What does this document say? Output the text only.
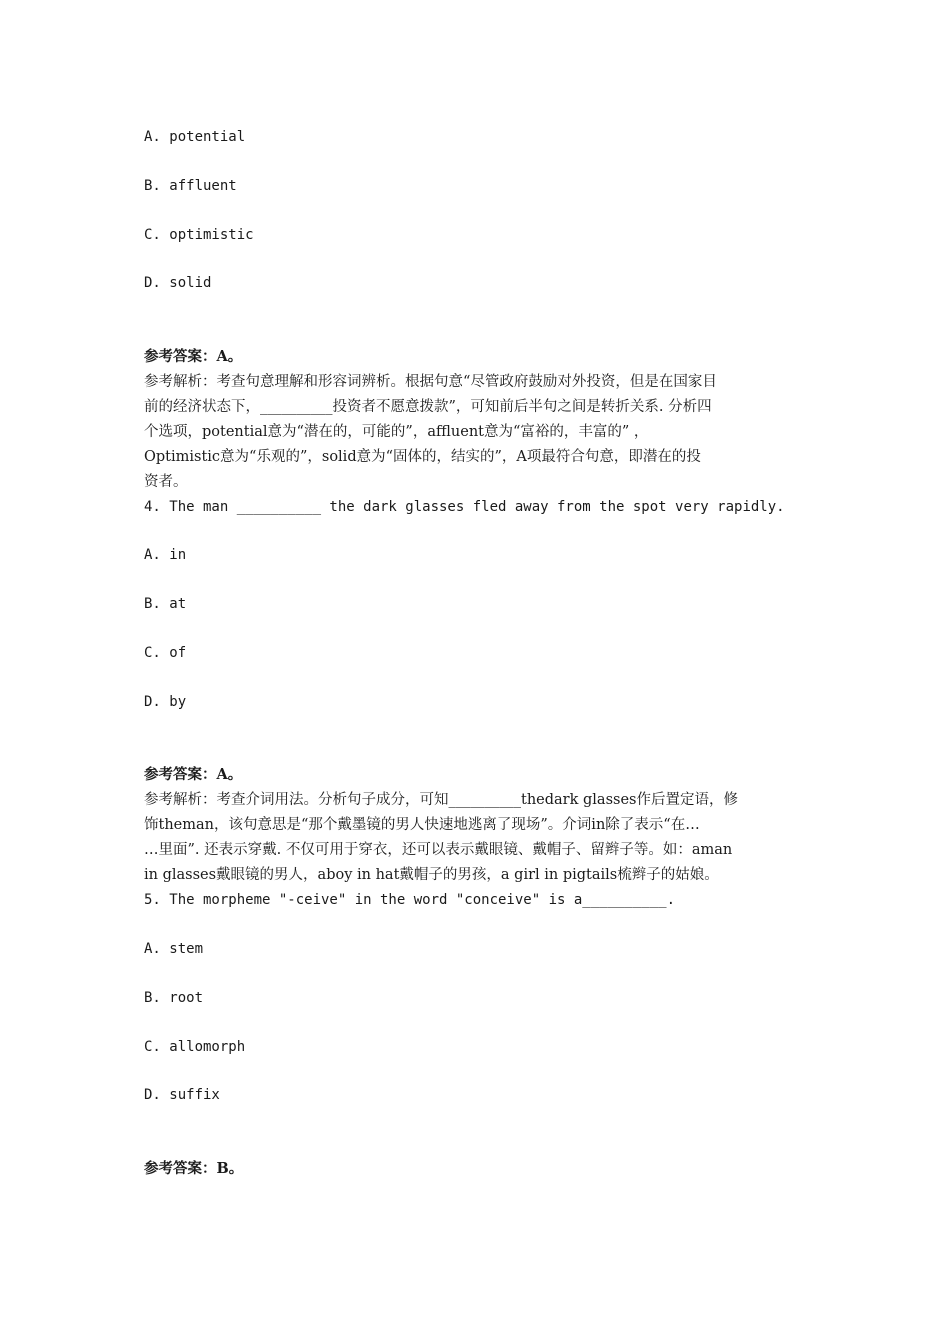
A. potential
B. affluent
C. optimistic
D. solid
参考答案：A。
参考解析：考查句意理解和形容词辨析。根据句意“尽管政府鼓励对外投资，但是在国家目
前的经济状态下，__________投资者不愿意拨款”，可知前后半句之间是转折关系. 分析四
个选项，potential意为“潜在的，可能的”，affluent意为“富裕的，丰富的” ，
Optimistic意为“乐观的”，solid意为“固体的，结实的”，A项最符合句意，即潜在的投
资者。
4. The man __________ the dark glasses fled away from the spot very rapidly.
A. in
B. at
C. of
D. by
参考答案：A。
参考解析：考查介词用法。分析句子成分，可知__________thedark glasses作后置定语，修
饰theman，该句意思是“那个戴墨镜的男人快速地逃离了现场”。介词in除了表示“在…
…里面”. 还表示穿戴. 不仅可用于穿衣，还可以表示戴眼镜、戴帽子、留辫子等。如：aman
in glasses戴眼镜的男人，aboy in hat戴帽子的男孩，a girl in pigtails梳辫子的姑娘。
5. The morpheme "-ceive" in the word "conceive" is a__________.
A. stem
B. root
C. allomorph
D. suffix
参考答案：B。
